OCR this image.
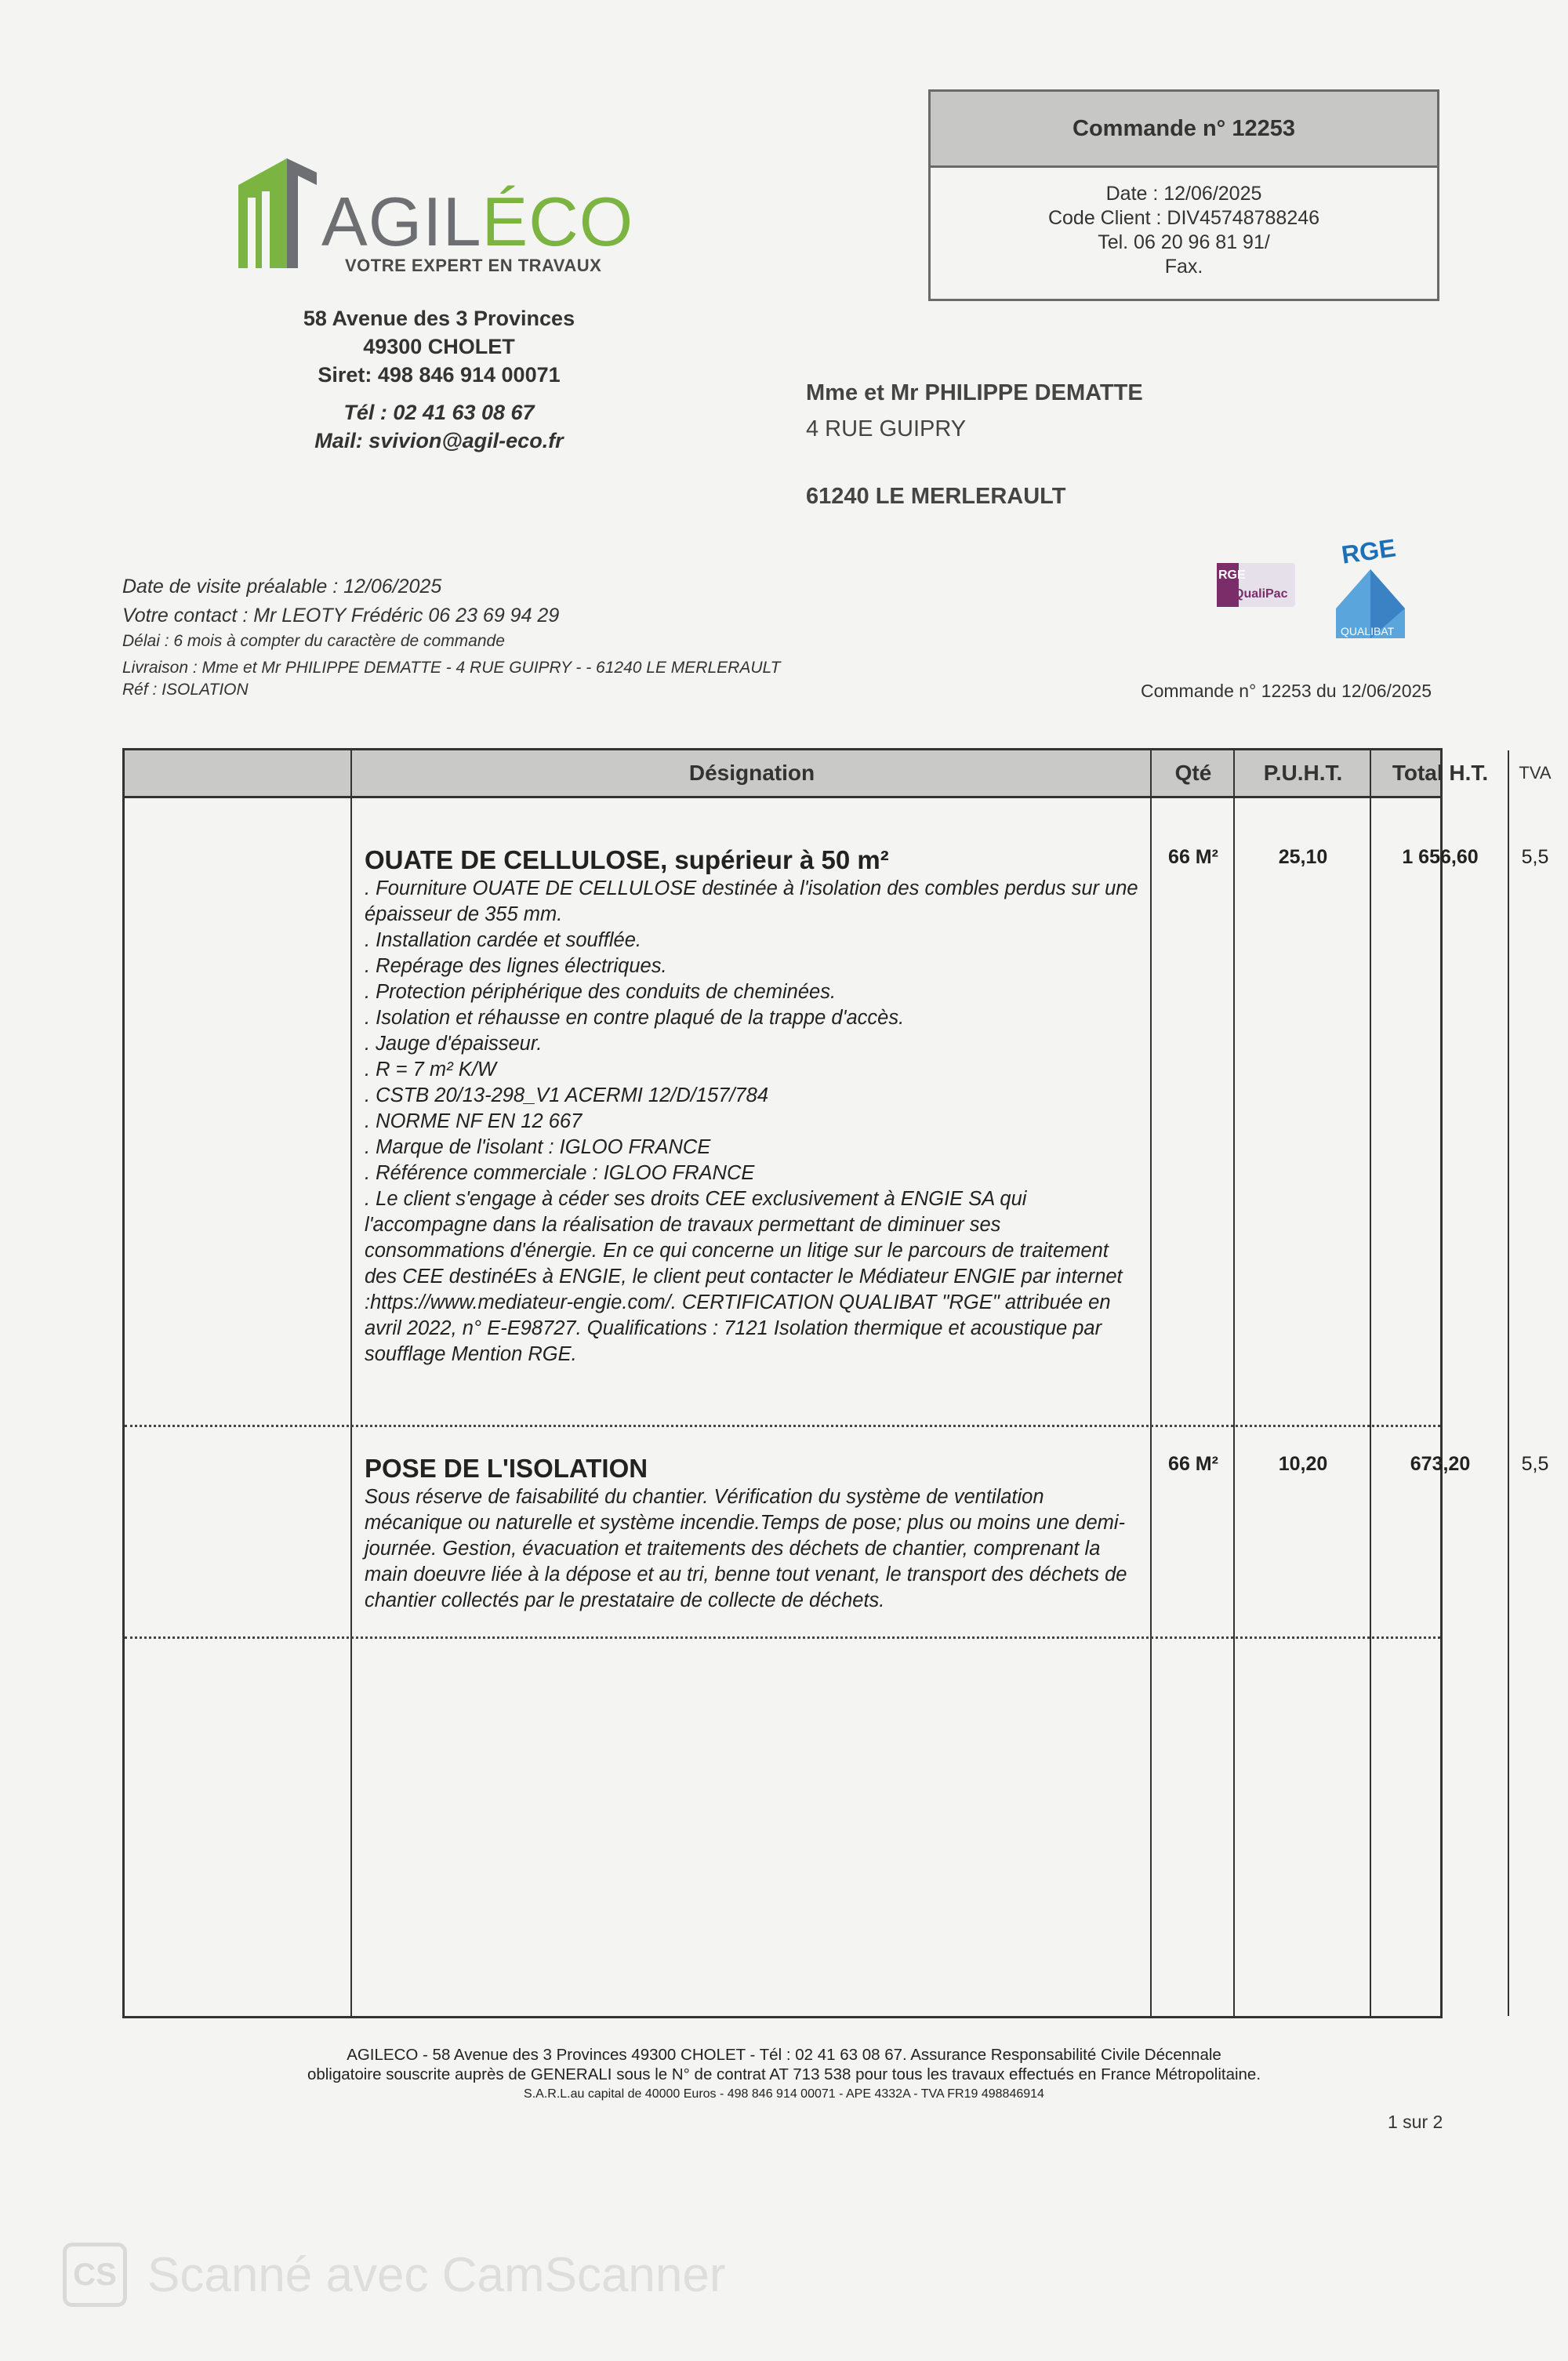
AGILÉCO
VOTRE EXPERT EN TRAVAUX
58 Avenue des 3 Provinces
49300 CHOLET
Siret: 498 846 914 00071
Tél : 02 41 63 08 67
Mail: svivion@agil-eco.fr
Commande n° 12253
Date : 12/06/2025
Code Client : DIV45748788246
Tel. 06 20 96 81 91/
Fax.
Mme et Mr PHILIPPE DEMATTE
4 RUE GUIPRY
61240 LE MERLERAULT
RGE
QualiPac
RGE
QUALIBAT
Date de visite préalable : 12/06/2025
Votre contact : Mr LEOTY Frédéric 06 23 69 94 29
Délai : 6 mois à compter du caractère de commande
Livraison : Mme et Mr PHILIPPE DEMATTE - 4 RUE GUIPRY - - 61240 LE MERLERAULT
Réf : ISOLATION	Commande n° 12253 du 12/06/2025
Désignation	Qté	P.U.H.T.	Total H.T.	TVA
OUATE DE CELLULOSE, supérieur à 50 m²

. Fourniture OUATE DE CELLULOSE destinée à l'isolation des combles perdus sur une épaisseur de 355 mm.

. Installation cardée et soufflée.

. Repérage des lignes électriques.

. Protection périphérique des conduits de cheminées.

. Isolation et réhausse en contre plaqué de la trappe d'accès.

. Jauge d'épaisseur.

. R = 7 m² K/W

. CSTB 20/13-298_V1 ACERMI 12/D/157/784

. NORME NF EN 12 667

. Marque de l'isolant : IGLOO FRANCE

. Référence commerciale : IGLOO FRANCE

. Le client s'engage à céder ses droits CEE exclusivement à ENGIE SA qui l'accompagne dans la réalisation de travaux permettant de diminuer ses consommations d'énergie. En ce qui concerne un litige sur le parcours de traitement des CEE destinéEs à ENGIE, le client peut contacter le Médiateur ENGIE par internet :https://www.mediateur-engie.com/. CERTIFICATION QUALIBAT "RGE" attribuée en avril 2022, n° E-E98727. Qualifications : 7121 Isolation thermique et acoustique par soufflage Mention RGE.

66 M²	25,10	1 656,60	5,5
POSE DE L'ISOLATION

Sous réserve de faisabilité du chantier. Vérification du système de ventilation mécanique ou naturelle et système incendie.Temps de pose; plus ou moins une demi-journée. Gestion, évacuation et traitements des déchets de chantier, comprenant la main doeuvre liée à la dépose et au tri, benne tout venant, le transport des déchets de chantier collectés par le prestataire de collecte de déchets.

66 M²	10,20	673,20	5,5
AGILECO - 58 Avenue des 3 Provinces 49300 CHOLET - Tél : 02 41 63 08 67. Assurance Responsabilité Civile Décennale
obligatoire souscrite auprès de GENERALI sous le N° de contrat AT 713 538 pour tous les travaux effectués en France Métropolitaine.
S.A.R.L.au capital de 40000 Euros - 498 846 914 00071 - APE 4332A - TVA FR19 498846914
1 sur 2
CS Scanné avec CamScanner
